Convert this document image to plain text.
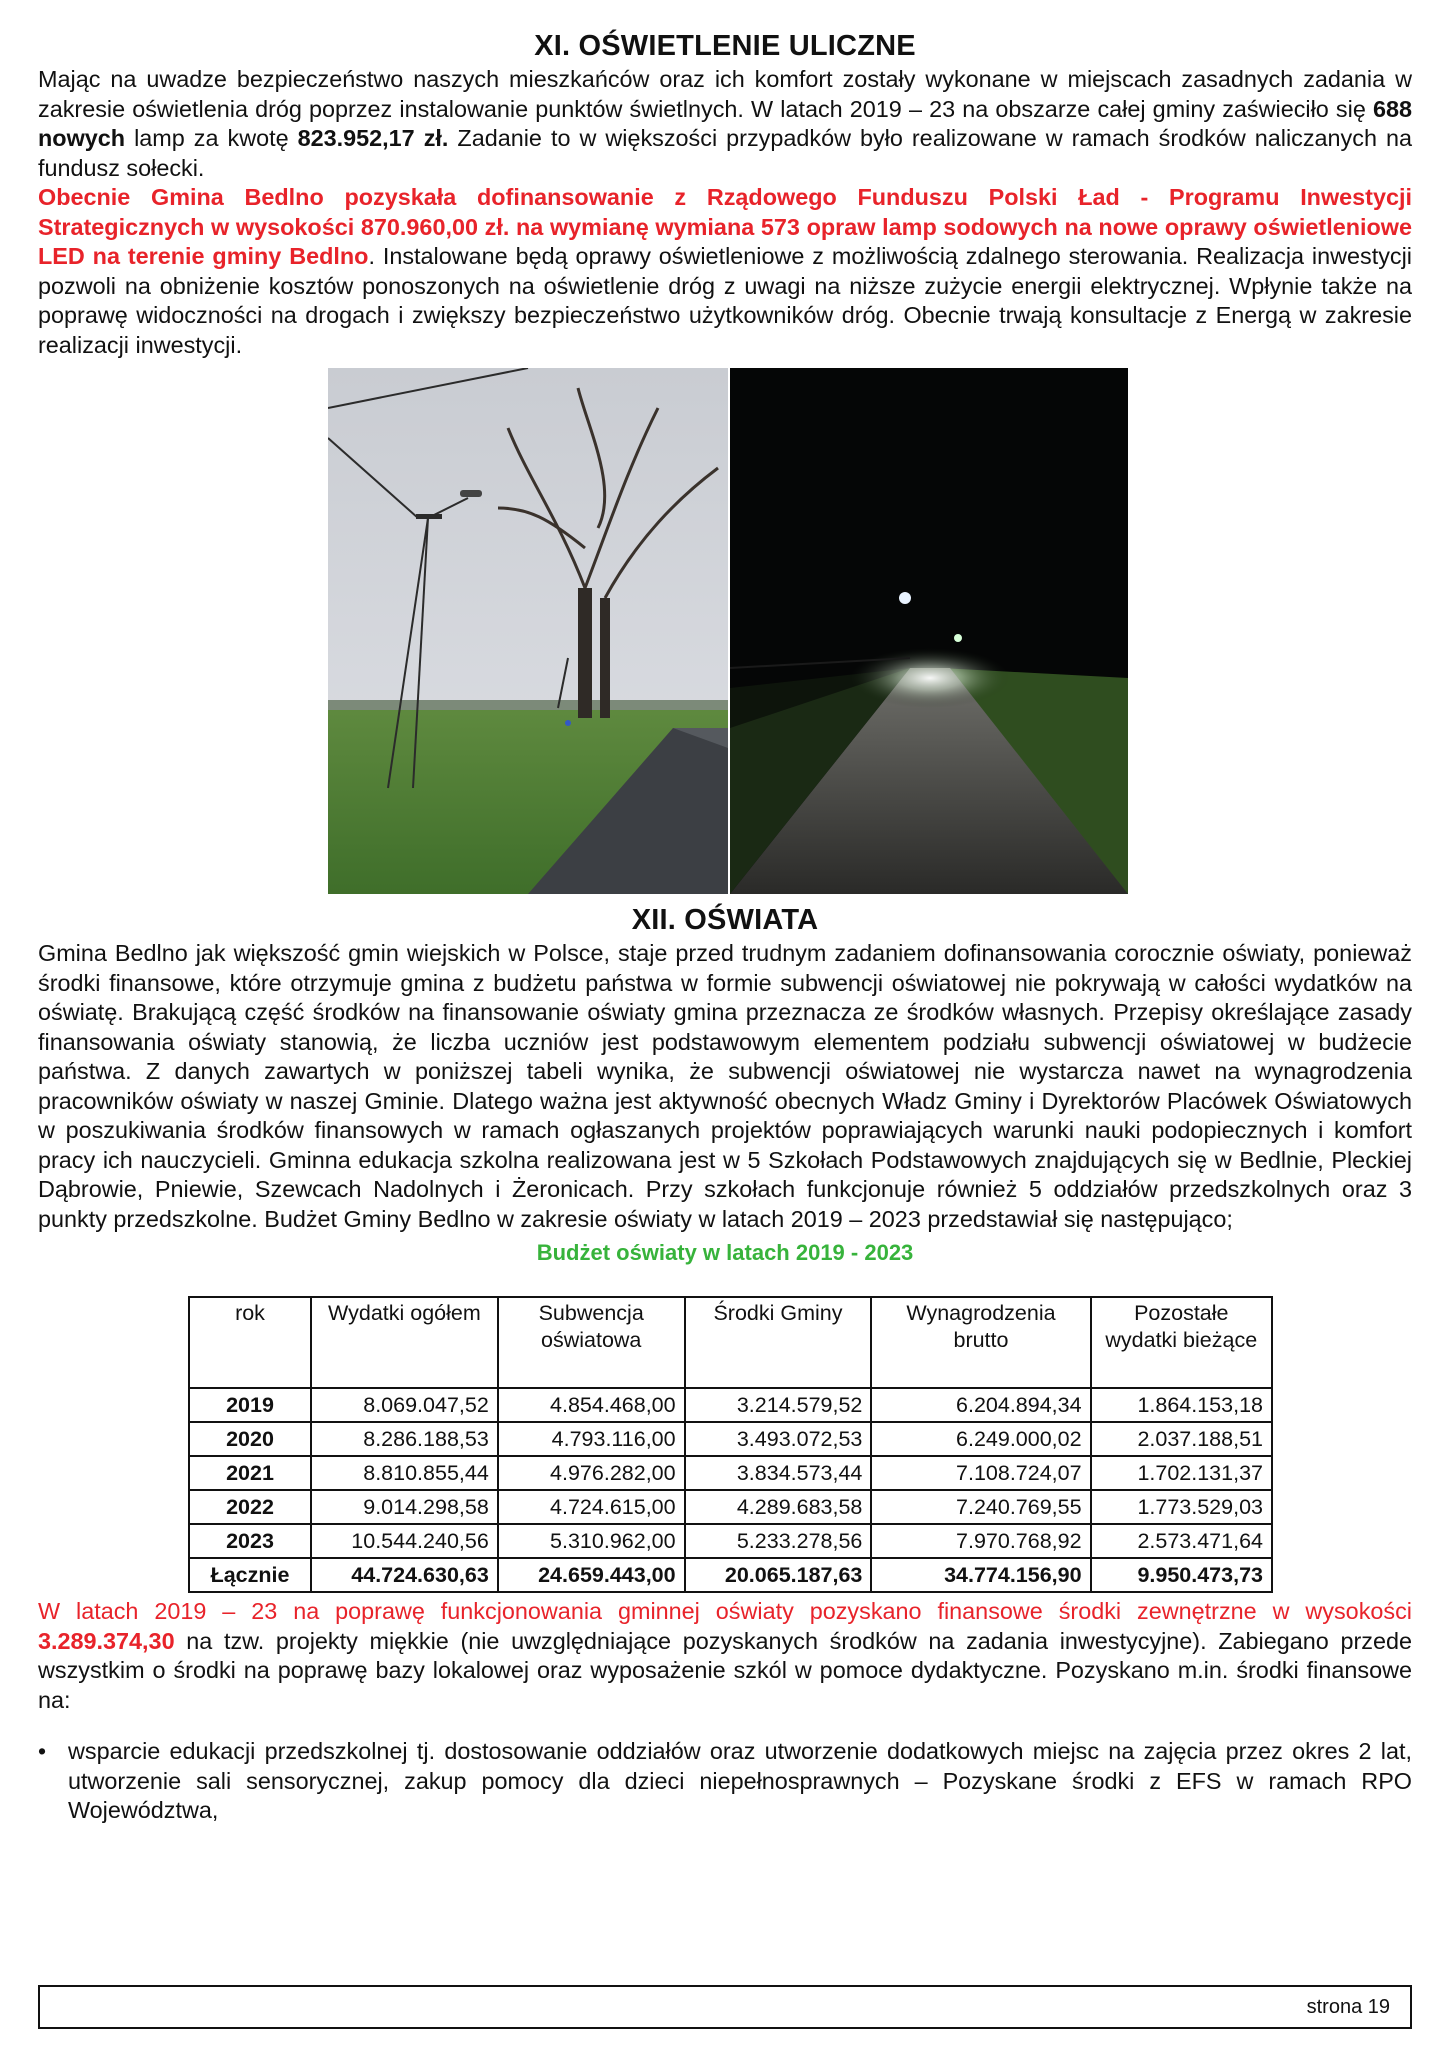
XI. OŚWIETLENIE ULICZNE

Mając na uwadze bezpieczeństwo naszych mieszkańców oraz ich komfort zostały wykonane w miejscach zasadnych zadania w zakresie oświetlenia dróg poprzez instalowanie punktów świetlnych. W latach 2019 – 23 na obszarze całej gminy zaświeciło się 688 nowych lamp za kwotę 823.952,17 zł. Zadanie to w większości przypadków było realizowane w ramach środków naliczanych na fundusz sołecki.

Obecnie Gmina Bedlno pozyskała dofinansowanie z Rządowego Funduszu Polski Ład - Programu Inwestycji Strategicznych w wysokości 870.960,00 zł. na wymianę wymiana 573 opraw lamp sodowych na nowe oprawy oświetleniowe LED na terenie gminy Bedlno. Instalowane będą oprawy oświetleniowe z możliwością zdalnego sterowania. Realizacja inwestycji pozwoli na obniżenie kosztów ponoszonych na oświetlenie dróg z uwagi na niższe zużycie energii elektrycznej. Wpłynie także na poprawę widoczności na drogach i zwiększy bezpieczeństwo użytkowników dróg. Obecnie trwają konsultacje z Energą w zakresie realizacji inwestycji.

XII. OŚWIATA

Gmina Bedlno jak większość gmin wiejskich w Polsce, staje przed trudnym zadaniem dofinansowania corocznie oświaty, ponieważ środki finansowe, które otrzymuje gmina z budżetu państwa w formie subwencji oświatowej nie pokrywają w całości wydatków na oświatę. Brakującą część środków na finansowanie oświaty gmina przeznacza ze środków własnych. Przepisy określające zasady finansowania oświaty stanowią, że liczba uczniów jest podstawowym elementem podziału subwencji oświatowej w budżecie państwa. Z danych zawartych w poniższej tabeli wynika, że subwencji oświatowej nie wystarcza nawet na wynagrodzenia pracowników oświaty w naszej Gminie. Dlatego ważna jest aktywność obecnych Władz Gminy i Dyrektorów Placówek Oświatowych w poszukiwania środków finansowych w ramach ogłaszanych projektów poprawiających warunki nauki podopiecznych i komfort pracy ich nauczycieli. Gminna edukacja szkolna realizowana jest w 5 Szkołach Podstawowych znajdujących się w Bedlnie, Pleckiej Dąbrowie, Pniewie, Szewcach Nadolnych i Żeronicach. Przy szkołach funkcjonuje również 5 oddziałów przedszkolnych oraz 3 punkty przedszkolne. Budżet Gminy Bedlno w zakresie oświaty w latach 2019 – 2023 przedstawiał się następująco;

Budżet oświaty w latach 2019 - 2023
rok	Wydatki ogółem	Subwencja oświatowa	Środki Gminy	Wynagrodzenia brutto	Pozostałe wydatki bieżące
2019	8.069.047,52	4.854.468,00	3.214.579,52	6.204.894,34	1.864.153,18
2020	8.286.188,53	4.793.116,00	3.493.072,53	6.249.000,02	2.037.188,51
2021	8.810.855,44	4.976.282,00	3.834.573,44	7.108.724,07	1.702.131,37
2022	9.014.298,58	4.724.615,00	4.289.683,58	7.240.769,55	1.773.529,03
2023	10.544.240,56	5.310.962,00	5.233.278,56	7.970.768,92	2.573.471,64
Łącznie	44.724.630,63	24.659.443,00	20.065.187,63	34.774.156,90	9.950.473,73

W latach 2019 – 23 na poprawę funkcjonowania gminnej oświaty pozyskano finansowe środki zewnętrzne w wysokości 3.289.374,30 na tzw. projekty miękkie (nie uwzględniające pozyskanych środków na zadania inwestycyjne). Zabiegano przede wszystkim o środki na poprawę bazy lokalowej oraz wyposażenie szkól w pomoce dydaktyczne. Pozyskano m.in. środki finansowe na:

• wsparcie edukacji przedszkolnej tj. dostosowanie oddziałów oraz utworzenie dodatkowych miejsc na zajęcia przez okres 2 lat, utworzenie sali sensorycznej, zakup pomocy dla dzieci niepełnosprawnych – Pozyskane środki z EFS w ramach RPO Województwa,

strona 19
